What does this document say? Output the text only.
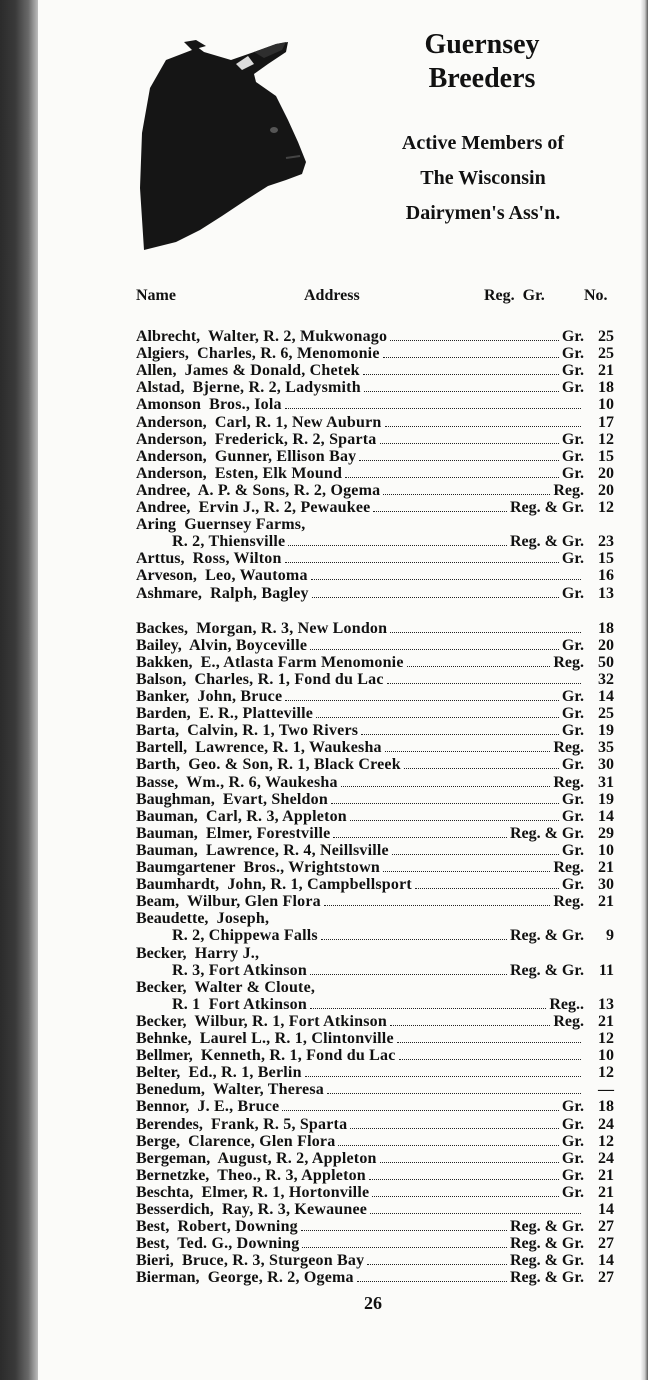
Guernsey
Breeders
Active Members of
The Wisconsin
Dairymen's Ass'n.
Name	Address	Reg.  Gr. No.
Albrecht, Walter, R. 2, Mukwonago	Gr. 25
Algiers, Charles, R. 6, Menomonie	Gr. 25
Allen, James & Donald, Chetek	Gr. 21
Alstad, Bjerne, R. 2, Ladysmith	Gr. 18
Amonson Bros., Iola	10
Anderson, Carl, R. 1, New Auburn	17
Anderson, Frederick, R. 2, Sparta	Gr. 12
Anderson, Gunner, Ellison Bay	Gr. 15
Anderson, Esten, Elk Mound	Gr. 20
Andree, A. P. & Sons, R. 2, Ogema	Reg. 20
Andree, Ervin J., R. 2, Pewaukee	Reg. & Gr. 12
Aring Guernsey Farms,
R. 2, Thiensville	Reg. & Gr. 23
Arttus, Ross, Wilton	Gr. 15
Arveson, Leo, Wautoma	16
Ashmare, Ralph, Bagley	Gr. 13
Backes, Morgan, R. 3, New London	18
Bailey, Alvin, Boyceville	Gr. 20
Bakken, E., Atlasta Farm Menomonie	Reg. 50
Balson, Charles, R. 1, Fond du Lac	32
Banker, John, Bruce	Gr. 14
Barden, E. R., Platteville	Gr. 25
Barta, Calvin, R. 1, Two Rivers	Gr. 19
Bartell, Lawrence, R. 1, Waukesha	Reg. 35
Barth, Geo. & Son, R. 1, Black Creek	Gr. 30
Basse, Wm., R. 6, Waukesha	Reg. 31
Baughman, Evart, Sheldon	Gr. 19
Bauman, Carl, R. 3, Appleton	Gr. 14
Bauman, Elmer, Forestville	Reg. & Gr. 29
Bauman, Lawrence, R. 4, Neillsville	Gr. 10
Baumgartener Bros., Wrightstown	Reg. 21
Baumhardt, John, R. 1, Campbellsport	Gr. 30
Beam, Wilbur, Glen Flora	Reg. 21
Beaudette, Joseph,
R. 2, Chippewa Falls	Reg. & Gr.	9
Becker, Harry J.,
R. 3, Fort Atkinson	Reg. & Gr. 11
Becker, Walter & Cloute,
R. 1  Fort Atkinson	Reg.. 13
Becker, Wilbur, R. 1, Fort Atkinson	Reg. 21
Behnke, Laurel L., R. 1, Clintonville	12
Bellmer, Kenneth, R. 1, Fond du Lac	10
Belter, Ed., R. 1, Berlin	12
Benedum, Walter, Theresa	—
Bennor, J. E., Bruce	Gr. 18
Berendes, Frank, R. 5, Sparta	Gr. 24
Berge, Clarence, Glen Flora	Gr. 12
Bergeman, August, R. 2, Appleton	Gr. 24
Bernetzke, Theo., R. 3, Appleton	Gr. 21
Beschta, Elmer, R. 1, Hortonville	Gr. 21
Besserdich, Ray, R. 3, Kewaunee	14
Best, Robert, Downing	Reg. & Gr. 27
Best, Ted. G., Downing	Reg. & Gr. 27
Bieri, Bruce, R. 3, Sturgeon Bay	Reg. & Gr. 14
Bierman, George, R. 2, Ogema	Reg. & Gr. 27
26
